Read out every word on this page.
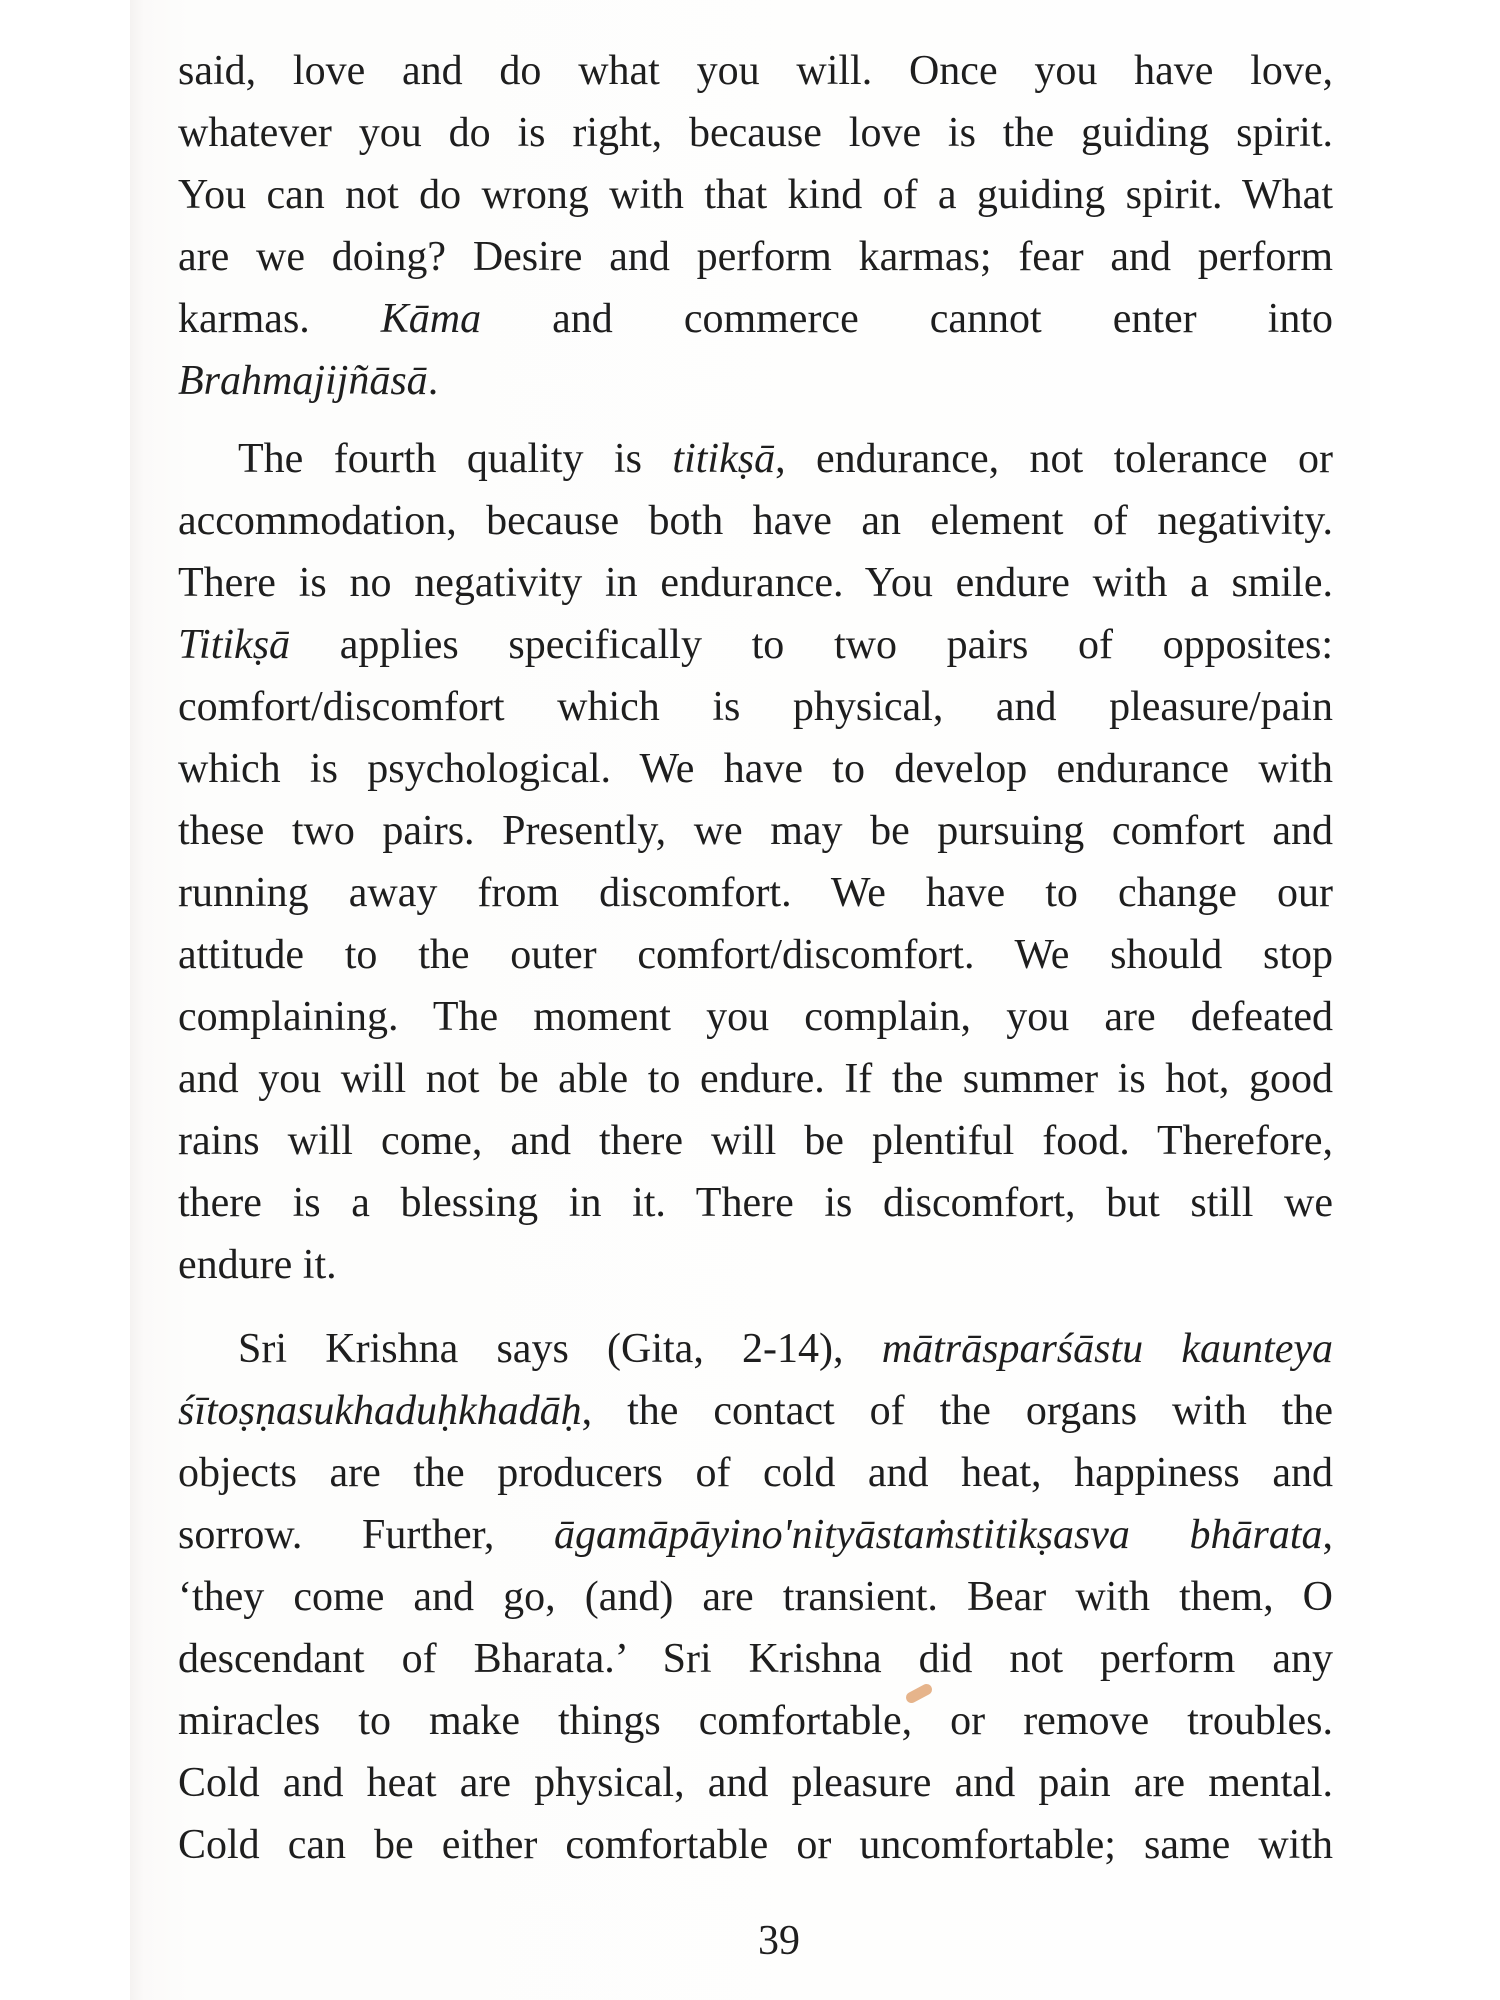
said, love and do what you will. Once you have love,
whatever you do is right, because love is the guiding spirit.
You can not do wrong with that kind of a guiding spirit. What
are we doing? Desire and perform karmas; fear and perform
karmas. Kāma and commerce cannot enter into
Brahmajijñāsā.
The fourth quality is titikṣā, endurance, not tolerance or
accommodation, because both have an element of negativity.
There is no negativity in endurance. You endure with a smile.
Titikṣā applies specifically to two pairs of opposites:
comfort/discomfort which is physical, and pleasure/pain
which is psychological. We have to develop endurance with
these two pairs. Presently, we may be pursuing comfort and
running away from discomfort. We have to change our
attitude to the outer comfort/discomfort. We should stop
complaining. The moment you complain, you are defeated
and you will not be able to endure. If the summer is hot, good
rains will come, and there will be plentiful food. Therefore,
there is a blessing in it. There is discomfort, but still we
endure it.
Sri Krishna says (Gita, 2-14), mātrāsparśāstu kaunteya
śītoṣṇasukhaduḥkhadāḥ, the contact of the organs with the
objects are the producers of cold and heat, happiness and
sorrow. Further, āgamāpāyino'nityāstaṁstitikṣasva bhārata,
‘they come and go, (and) are transient. Bear with them, O
descendant of Bharata.’ Sri Krishna did not perform any
miracles to make things comfortable, or remove troubles.
Cold and heat are physical, and pleasure and pain are mental.
Cold can be either comfortable or uncomfortable; same with
39
